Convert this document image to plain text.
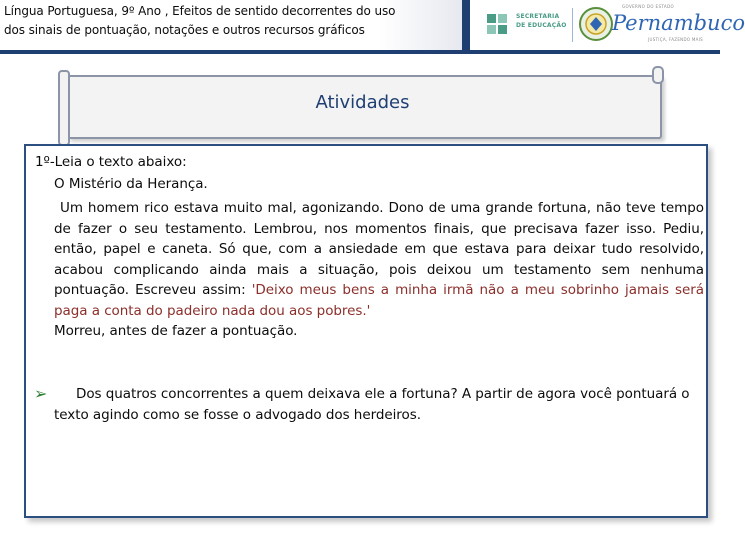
Língua Portuguesa, 9º Ano , Efeitos de sentido decorrentes do uso
dos sinais de pontuação, notações e outros recursos gráficos
SECRETARIA
DE EDUCAÇÃO
GOVERNO DO ESTADO
Pernambuco
JUSTIÇA, FAZENDO MAIS
Atividades
1º-Leia o texto abaixo:
O Mistério da Herança.
Um homem rico estava muito mal, agonizando. Dono de uma grande fortuna, não teve tempo de fazer o seu testamento. Lembrou, nos momentos finais, que precisava fazer isso. Pediu, então, papel e caneta. Só que, com a ansiedade em que estava para deixar tudo resolvido, acabou complicando ainda mais a situação, pois deixou um testamento sem nenhuma pontuação. Escreveu assim: 'Deixo meus bens a minha irmã não a meu sobrinho jamais será paga a conta do padeiro nada dou aos pobres.'
Morreu, antes de fazer a pontuação.
➢	Dos quatros concorrentes a quem deixava ele a fortuna? A partir de agora você pontuará o texto agindo como se fosse o advogado dos herdeiros.
